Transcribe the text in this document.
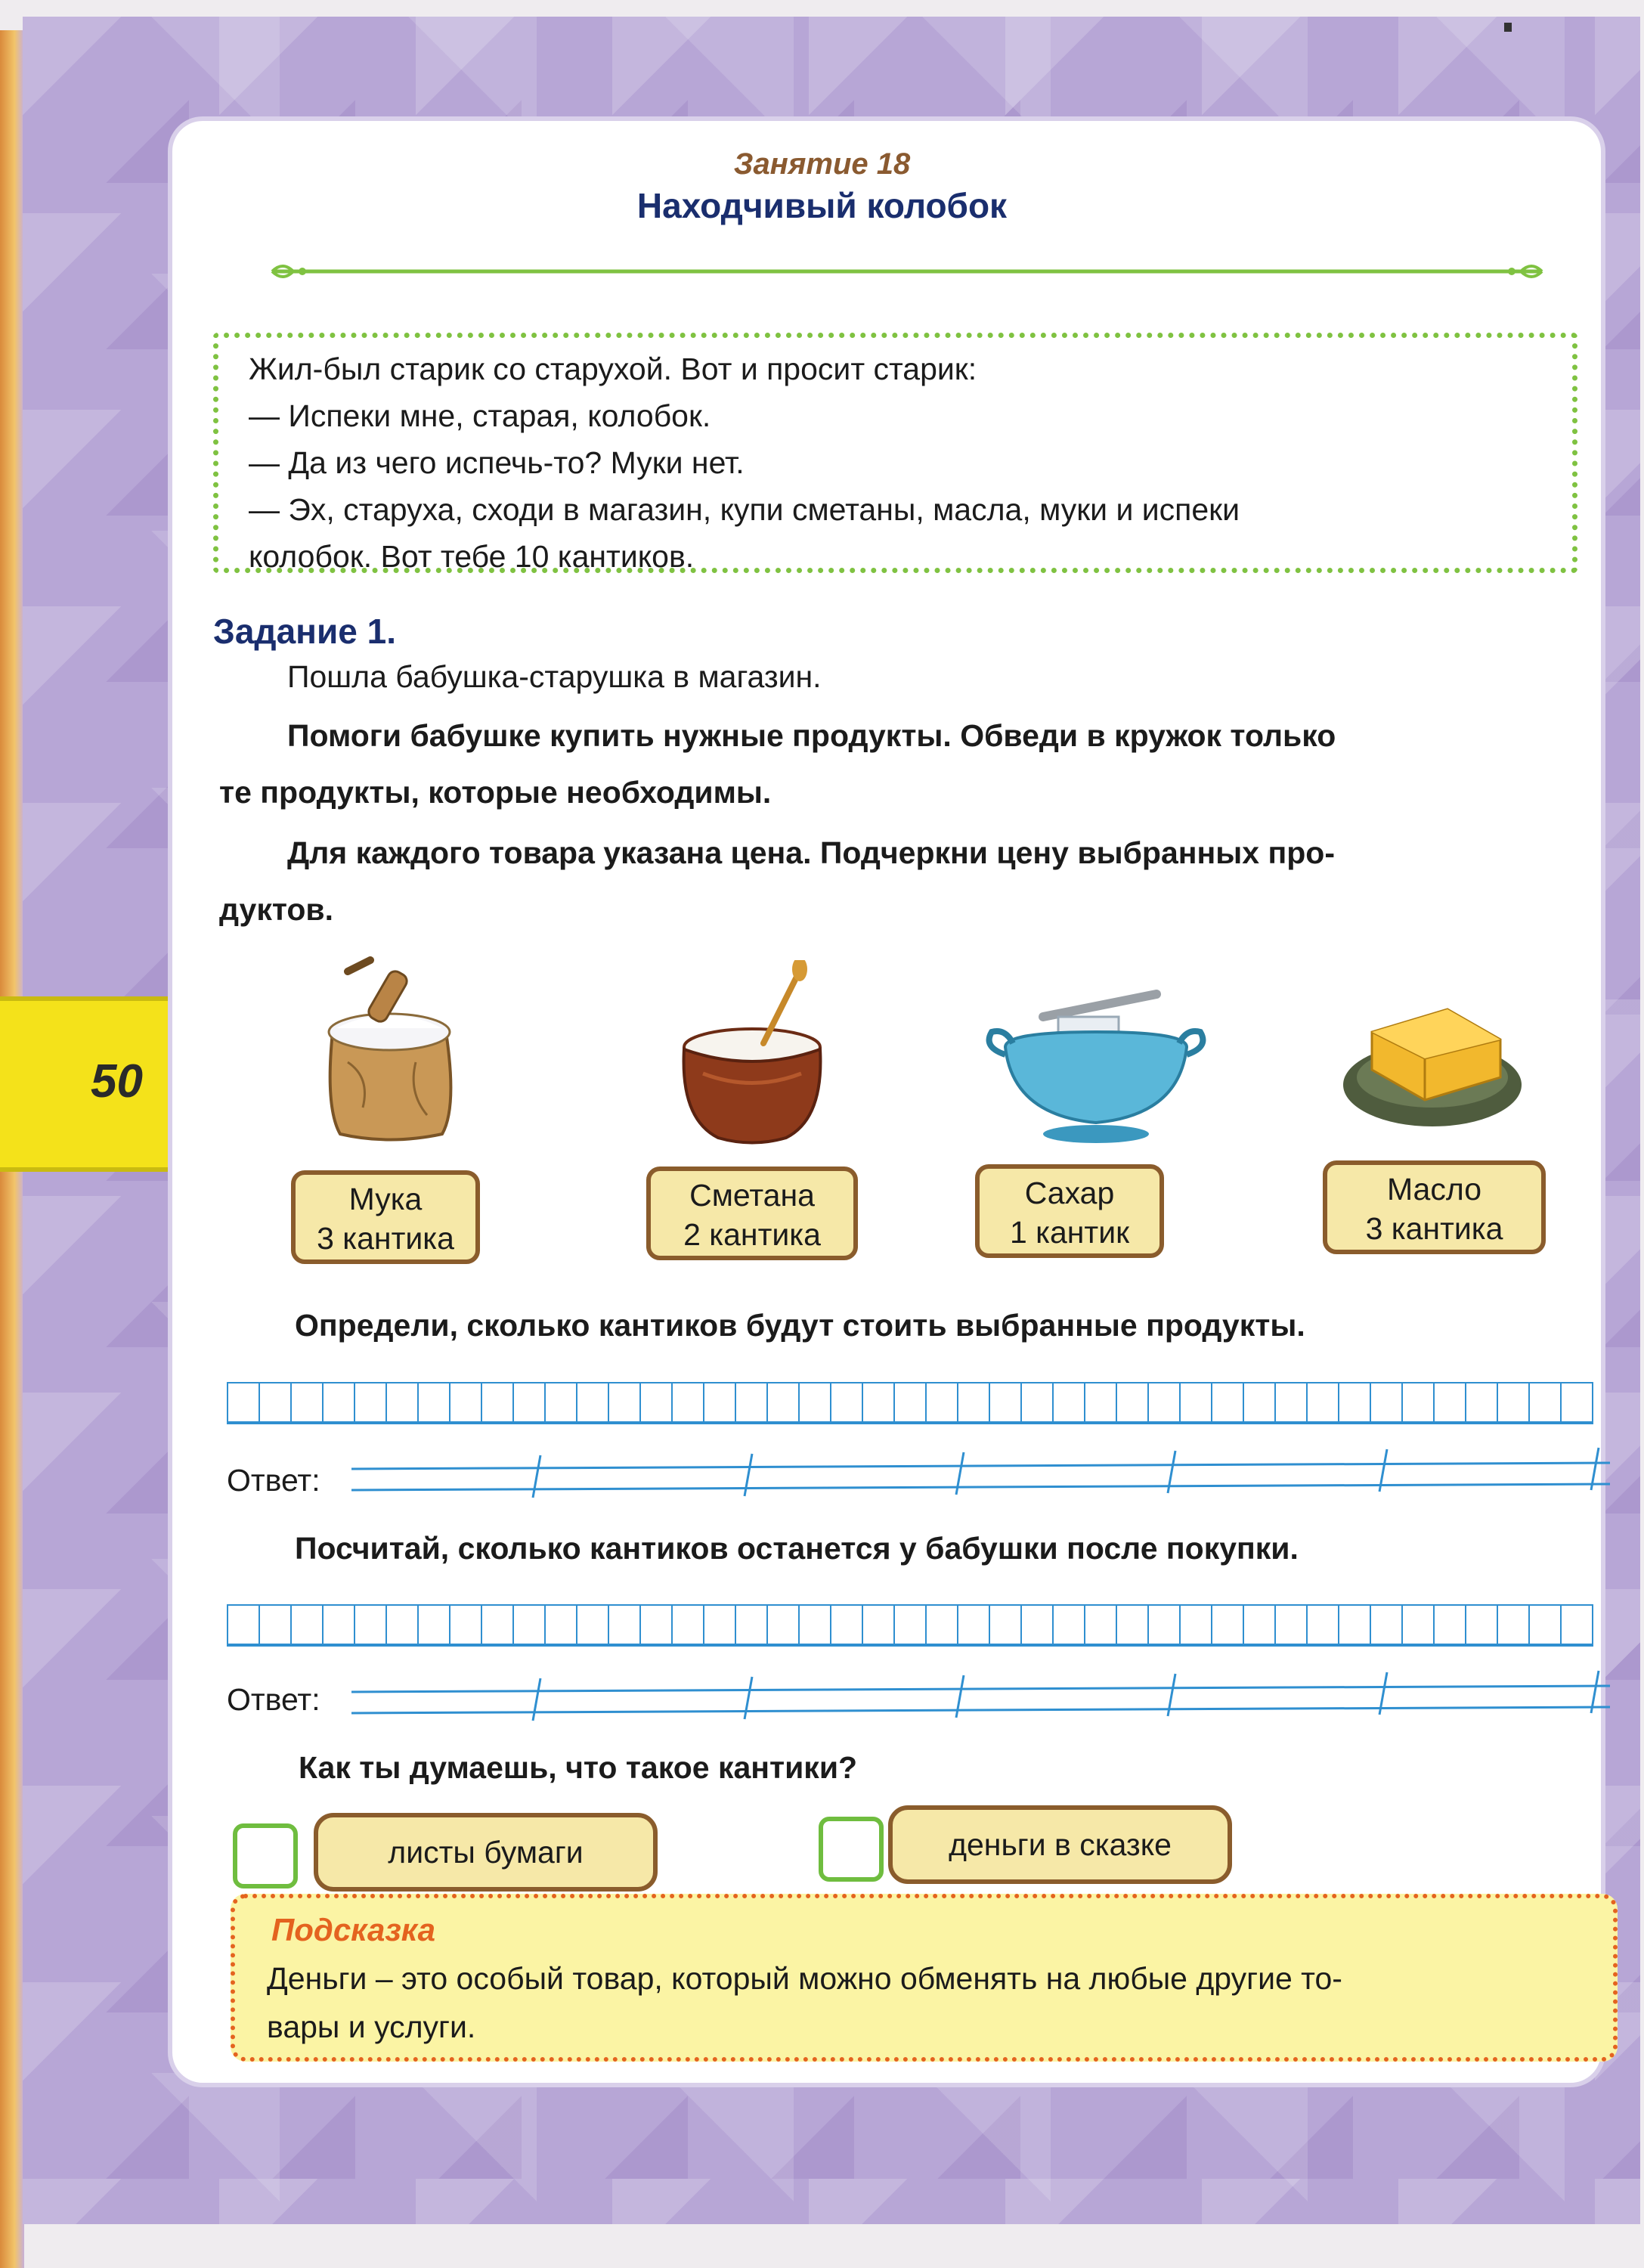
50
Занятие 18
Находчивый колобок

Жил-был старик со старухой. Вот и просит старик:

— Испеки мне, старая, колобок.

— Да из чего испечь-то? Муки нет.

— Эх, старуха, сходи в магазин, купи сметаны, масла, муки и испеки

колобок. Вот тебе 10 кантиков.

Задание 1.
Пошла бабушка-старушка в магазин.
Помоги бабушке купить нужные продукты. Обведи в кружок только
те продукты, которые необходимы.
Для каждого товара указана цена. Подчеркни цену выбранных про-
дуктов.
Мука
3 кантика
Сметана
2 кантика
Сахар
1 кантик
Масло
3 кантика
Определи, сколько кантиков будут стоить выбранные продукты.
Ответ:
Посчитай, сколько кантиков останется у бабушки после покупки.
Ответ:
Как ты думаешь, что такое кантики?
листы бумаги	деньги в сказке
Подсказка
Деньги – это особый товар, который можно обменять на любые другие то-
вары и услуги.
